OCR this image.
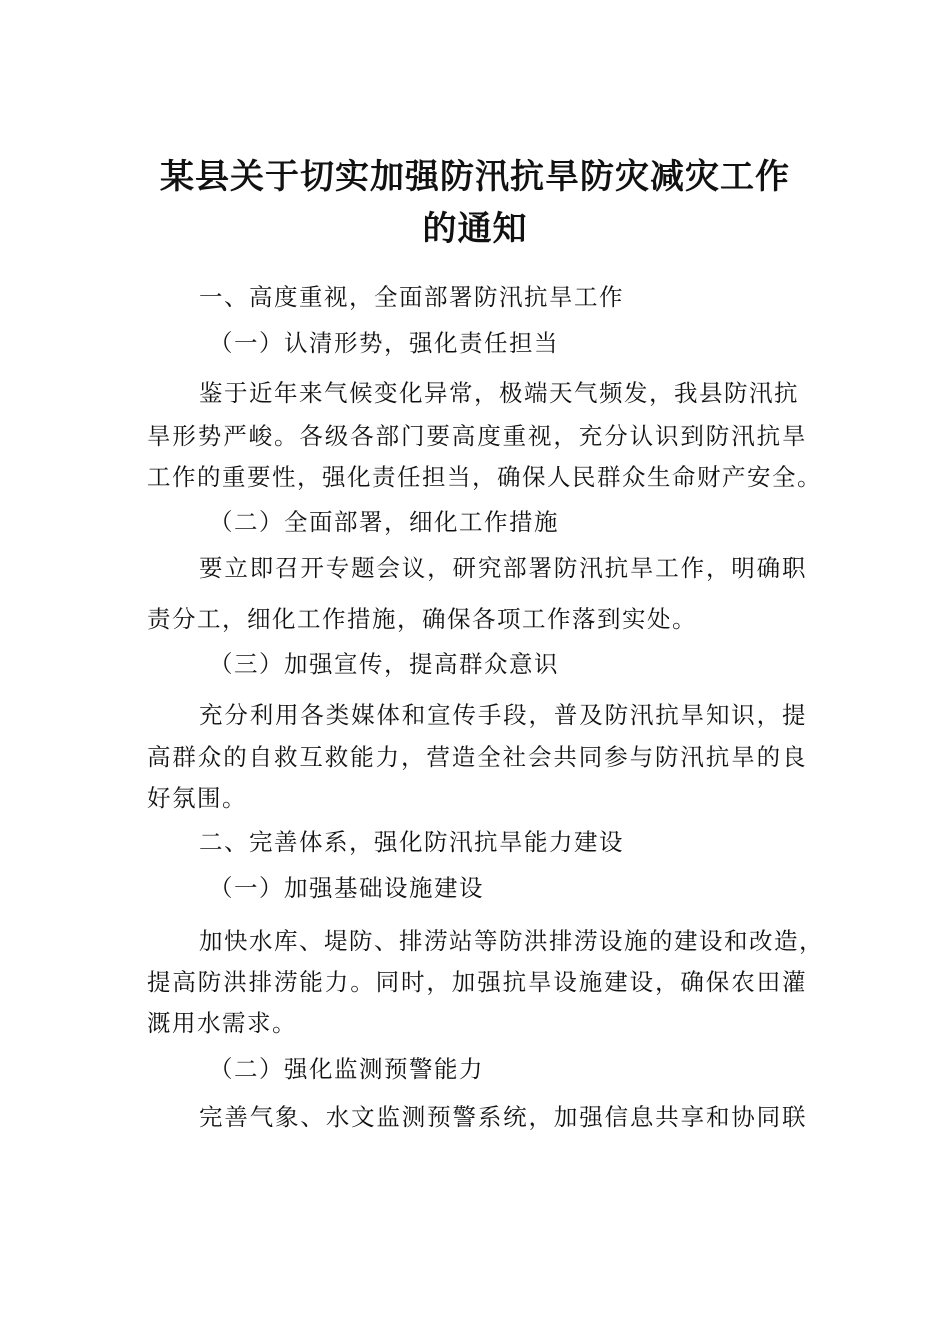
某县关于切实加强防汛抗旱防灾减灾工作
的通知
一、高度重视，全面部署防汛抗旱工作
（一）认清形势，强化责任担当
鉴于近年来气候变化异常，极端天气频发，我县防汛抗
旱形势严峻。各级各部门要高度重视，充分认识到防汛抗旱
工作的重要性，强化责任担当，确保人民群众生命财产安全。
（二）全面部署，细化工作措施
要立即召开专题会议，研究部署防汛抗旱工作，明确职
责分工，细化工作措施，确保各项工作落到实处。
（三）加强宣传，提高群众意识
充分利用各类媒体和宣传手段，普及防汛抗旱知识，提
高群众的自救互救能力，营造全社会共同参与防汛抗旱的良
好氛围。
二、完善体系，强化防汛抗旱能力建设
（一）加强基础设施建设
加快水库、堤防、排涝站等防洪排涝设施的建设和改造，
提高防洪排涝能力。同时，加强抗旱设施建设，确保农田灌
溉用水需求。
（二）强化监测预警能力
完善气象、水文监测预警系统，加强信息共享和协同联
